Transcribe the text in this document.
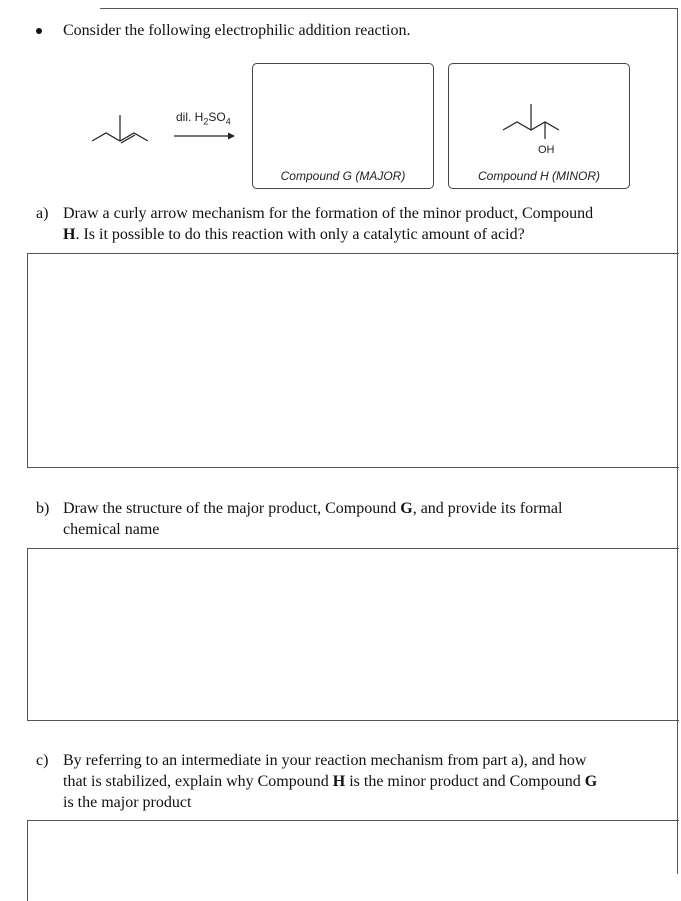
Consider the following electrophilic addition reaction.
dil. $H_2SO_4$
Compound G (MAJOR)
OH
Compound H (MINOR)
a) Draw a curly arrow mechanism for the formation of the minor product, Compound
H. Is it possible to do this reaction with only a catalytic amount of acid?
b) Draw the structure of the major product, Compound G, and provide its formal
chemical name
c) By referring to an intermediate in your reaction mechanism from part a), and how
that is stabilized, explain why Compound H is the minor product and Compound G
is the major product
